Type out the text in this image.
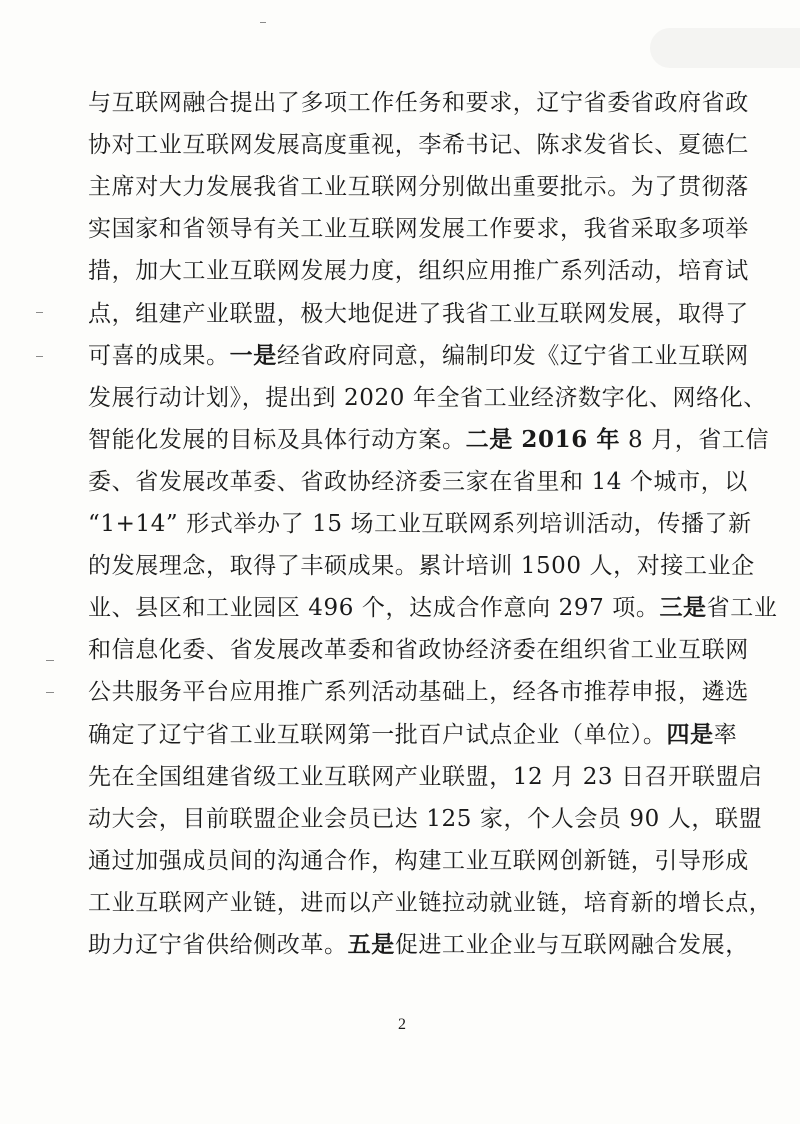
与互联网融合提出了多项工作任务和要求，辽宁省委省政府省政
协对工业互联网发展高度重视，李希书记、陈求发省长、夏德仁
主席对大力发展我省工业互联网分别做出重要批示。为了贯彻落
实国家和省领导有关工业互联网发展工作要求，我省采取多项举
措，加大工业互联网发展力度，组织应用推广系列活动，培育试
点，组建产业联盟，极大地促进了我省工业互联网发展，取得了
可喜的成果。一是经省政府同意，编制印发《辽宁省工业互联网
发展行动计划》，提出到 2020 年全省工业经济数字化、网络化、
智能化发展的目标及具体行动方案。二是 2016 年 8 月，省工信
委、省发展改革委、省政协经济委三家在省里和 14 个城市，以
“1+14” 形式举办了 15 场工业互联网系列培训活动，传播了新
的发展理念，取得了丰硕成果。累计培训 1500 人，对接工业企
业、县区和工业园区 496 个，达成合作意向 297 项。三是省工业
和信息化委、省发展改革委和省政协经济委在组织省工业互联网
公共服务平台应用推广系列活动基础上，经各市推荐申报，遴选
确定了辽宁省工业互联网第一批百户试点企业（单位）。四是率
先在全国组建省级工业互联网产业联盟，12 月 23 日召开联盟启
动大会，目前联盟企业会员已达 125 家，个人会员 90 人，联盟
通过加强成员间的沟通合作，构建工业互联网创新链，引导形成
工业互联网产业链，进而以产业链拉动就业链，培育新的增长点，
助力辽宁省供给侧改革。五是促进工业企业与互联网融合发展，
2
